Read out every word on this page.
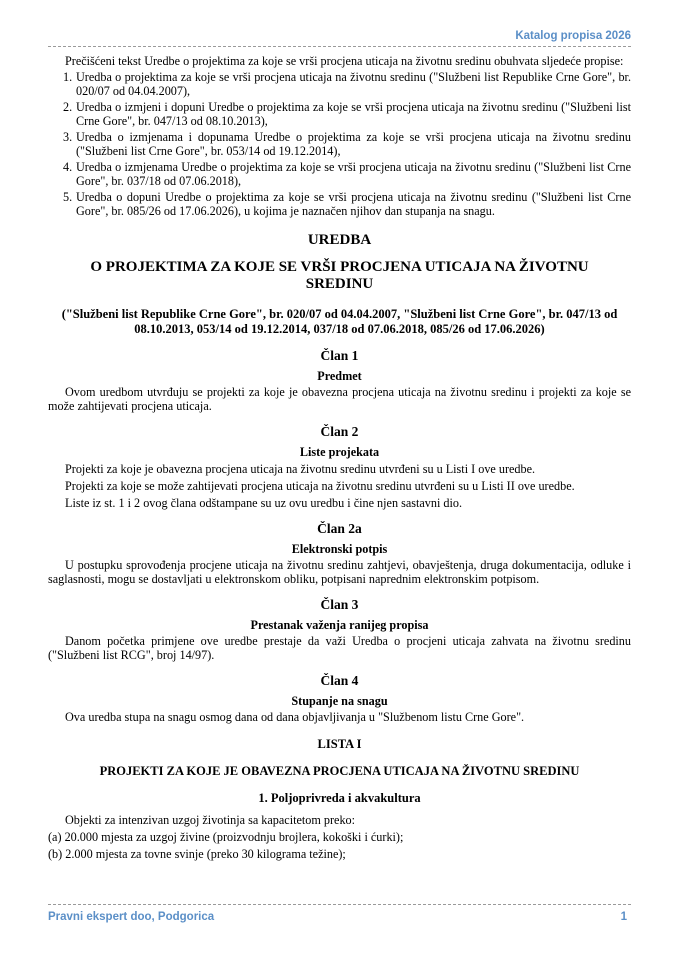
Katalog propisa 2026

Prečišćeni tekst Uredbe o projektima za koje se vrši procjena uticaja na životnu sredinu obuhvata sljedeće propise:

1. Uredba o projektima za koje se vrši procjena uticaja na životnu sredinu ("Službeni list Republike Crne Gore", br. 020/07 od 04.04.2007),
2. Uredba o izmjeni i dopuni Uredbe o projektima za koje se vrši procjena uticaja na životnu sredinu ("Službeni list Crne Gore", br. 047/13 od 08.10.2013),
3. Uredba o izmjenama i dopunama Uredbe o projektima za koje se vrši procjena uticaja na životnu sredinu ("Službeni list Crne Gore", br. 053/14 od 19.12.2014),
4. Uredba o izmjenama Uredbe o projektima za koje se vrši procjena uticaja na životnu sredinu ("Službeni list Crne Gore", br. 037/18 od 07.06.2018),
5. Uredba o dopuni Uredbe o projektima za koje se vrši procjena uticaja na životnu sredinu ("Službeni list Crne Gore", br. 085/26 od 17.06.2026), u kojima je naznačen njihov dan stupanja na snagu.
UREDBA
O PROJEKTIMA ZA KOJE SE VRŠI PROCJENA UTICAJA NA ŽIVOTNU SREDINU
("Službeni list Republike Crne Gore", br. 020/07 od 04.04.2007, "Službeni list Crne Gore", br. 047/13 od 08.10.2013, 053/14 od 19.12.2014, 037/18 od 07.06.2018, 085/26 od 17.06.2026)
Član 1
Predmet

Ovom uredbom utvrđuju se projekti za koje je obavezna procjena uticaja na životnu sredinu i projekti za koje se može zahtijevati procjena uticaja.

Član 2
Liste projekata

Projekti za koje je obavezna procjena uticaja na životnu sredinu utvrđeni su u Listi I ove uredbe.

Projekti za koje se može zahtijevati procjena uticaja na životnu sredinu utvrđeni su u Listi II ove uredbe.

Liste iz st. 1 i 2 ovog člana odštampane su uz ovu uredbu i čine njen sastavni dio.

Član 2a
Elektronski potpis

U postupku sprovođenja procjene uticaja na životnu sredinu zahtjevi, obavještenja, druga dokumentacija, odluke i saglasnosti, mogu se dostavljati u elektronskom obliku, potpisani naprednim elektronskim potpisom.

Član 3
Prestanak važenja ranijeg propisa

Danom početka primjene ove uredbe prestaje da važi Uredba o procjeni uticaja zahvata na životnu sredinu ("Službeni list RCG", broj 14/97).

Član 4
Stupanje na snagu

Ova uredba stupa na snagu osmog dana od dana objavljivanja u "Službenom listu Crne Gore".

LISTA I
PROJEKTI ZA KOJE JE OBAVEZNA PROCJENA UTICAJA NA ŽIVOTNU SREDINU
1. Poljoprivreda i akvakultura

Objekti za intenzivan uzgoj životinja sa kapacitetom preko:

(a) 20.000 mjesta za uzgoj živine (proizvodnju brojlera, kokoški i ćurki);

(b) 2.000 mjesta za tovne svinje (preko 30 kilograma težine);

Pravni ekspert doo, Podgorica	1
